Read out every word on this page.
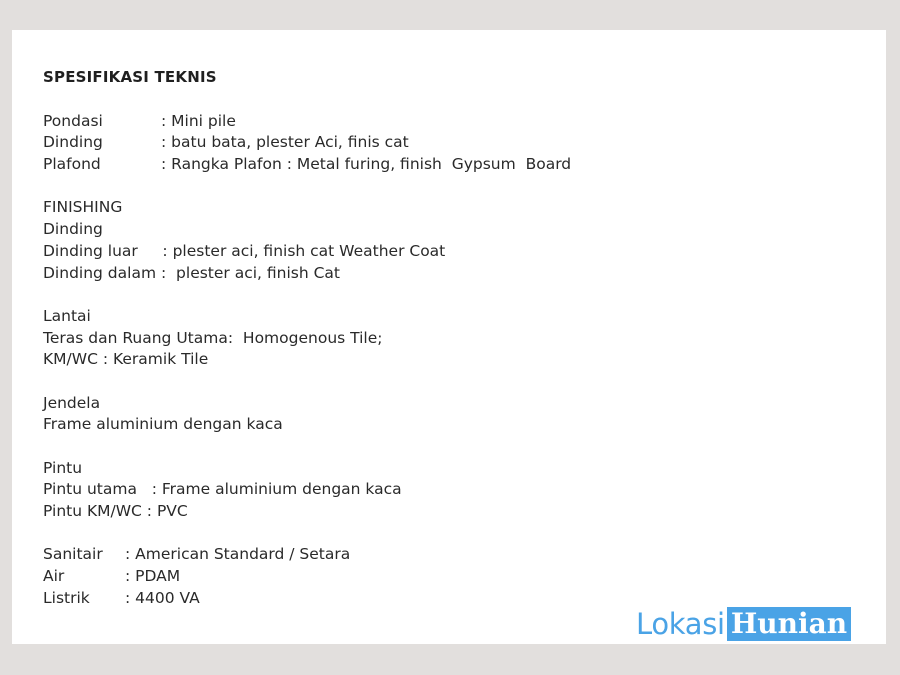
SPESIFIKASI TEKNIS
Pondasi	: Mini pile
Dinding	: batu bata, plester Aci, finis cat
Plafond	: Rangka Plafon : Metal furing, finish  Gypsum  Board
FINISHING
Dinding
Dinding luar     : plester aci, finish cat Weather Coat
Dinding dalam :  plester aci, finish Cat
Lantai
Teras dan Ruang Utama:  Homogenous Tile;
KM/WC : Keramik Tile
Jendela
Frame aluminium dengan kaca
Pintu
Pintu utama   : Frame aluminium dengan kaca
Pintu KM/WC : PVC
Sanitair	: American Standard / Setara
Air	: PDAM
Listrik	: 4400 VA
Lokasi Hunian
